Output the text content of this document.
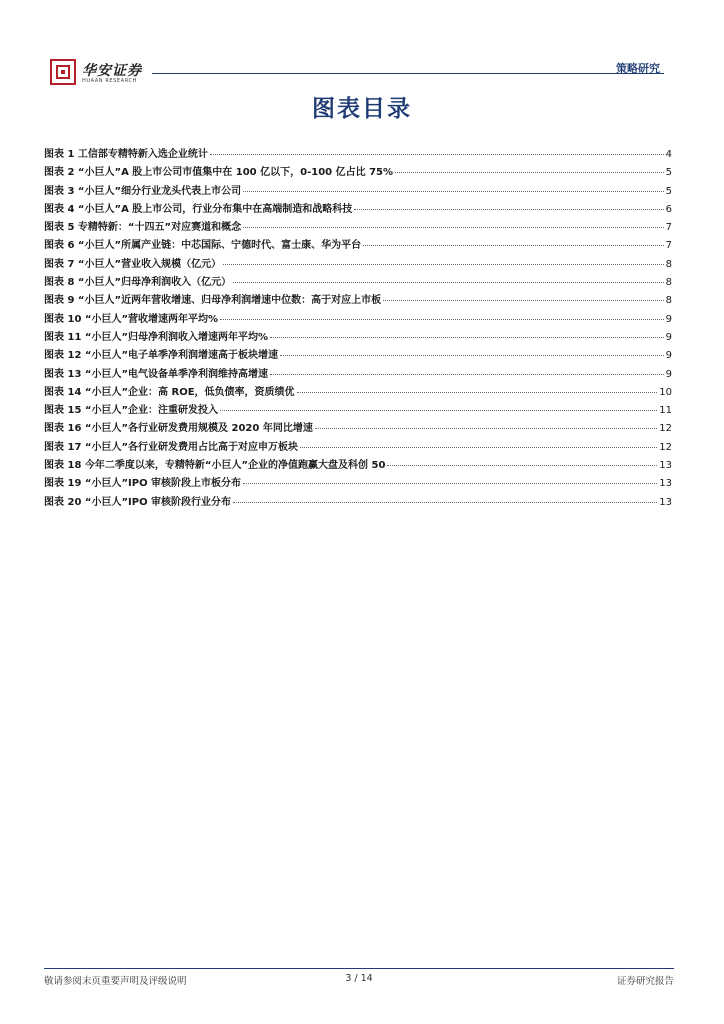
华安证券
HUAAN RESEARCH
策略研究
图表目录
图表 1 工信部专精特新入选企业统计	4
图表 2 “小巨人”A 股上市公司市值集中在 100 亿以下，0-100 亿占比 75%	5
图表 3 “小巨人”细分行业龙头代表上市公司	5
图表 4 “小巨人”A 股上市公司，行业分布集中在高端制造和战略科技	6
图表 5 专精特新：“十四五”对应赛道和概念	7
图表 6 “小巨人”所属产业链：中芯国际、宁德时代、富士康、华为平台	7
图表 7 “小巨人”营业收入规模（亿元）	8
图表 8 “小巨人”归母净利润收入（亿元）	8
图表 9 “小巨人”近两年营收增速、归母净利润增速中位数：高于对应上市板	8
图表 10 “小巨人”营收增速两年平均%	9
图表 11 “小巨人”归母净利润收入增速两年平均%	9
图表 12 “小巨人”电子单季净利润增速高于板块增速	9
图表 13 “小巨人”电气设备单季净利润维持高增速	9
图表 14 “小巨人”企业：高 ROE，低负债率，资质绩优	10
图表 15 “小巨人”企业：注重研发投入	11
图表 16 “小巨人”各行业研发费用规模及 2020 年同比增速	12
图表 17 “小巨人”各行业研发费用占比高于对应申万板块	12
图表 18 今年二季度以来，专精特新“小巨人”企业的净值跑赢大盘及科创 50	13
图表 19 “小巨人”IPO 审核阶段上市板分布	13
图表 20 “小巨人”IPO 审核阶段行业分布	13
敬请参阅末页重要声明及评级说明	3 / 14	证券研究报告
